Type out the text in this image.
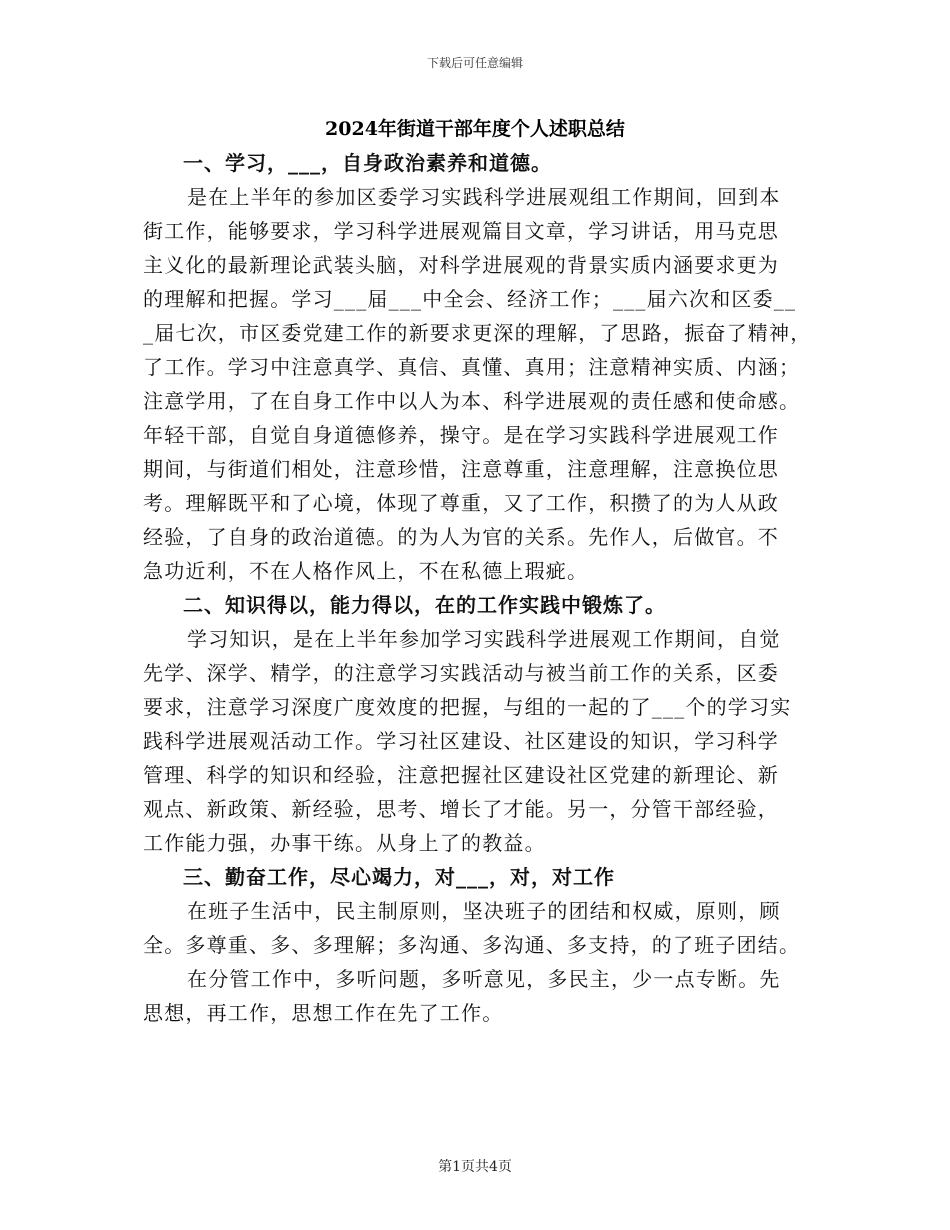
下载后可任意编辑
2024年街道干部年度个人述职总结
一、学习，___，自身政治素养和道德。
是在上半年的参加区委学习实践科学进展观组工作期间，回到本
街工作，能够要求，学习科学进展观篇目文章，学习讲话，用马克思
主义化的最新理论武装头脑，对科学进展观的背景实质内涵要求更为
的理解和把握。学习___届___中全会、经济工作；___届六次和区委__
_届七次，市区委党建工作的新要求更深的理解，了思路，振奋了精神，
了工作。学习中注意真学、真信、真懂、真用；注意精神实质、内涵；
注意学用，了在自身工作中以人为本、科学进展观的责任感和使命感。
年轻干部，自觉自身道德修养，操守。是在学习实践科学进展观工作
期间，与街道们相处，注意珍惜，注意尊重，注意理解，注意换位思
考。理解既平和了心境，体现了尊重，又了工作，积攒了的为人从政
经验，了自身的政治道德。的为人为官的关系。先作人，后做官。不
急功近利，不在人格作风上，不在私德上瑕疵。
二、知识得以，能力得以，在的工作实践中锻炼了。
学习知识，是在上半年参加学习实践科学进展观工作期间，自觉
先学、深学、精学，的注意学习实践活动与被当前工作的关系，区委
要求，注意学习深度广度效度的把握，与组的一起的了___个的学习实
践科学进展观活动工作。学习社区建设、社区建设的知识，学习科学
管理、科学的知识和经验，注意把握社区建设社区党建的新理论、新
观点、新政策、新经验，思考、增长了才能。另一，分管干部经验，
工作能力强，办事干练。从身上了的教益。
三、勤奋工作，尽心竭力，对___，对，对工作
在班子生活中，民主制原则，坚决班子的团结和权威，原则，顾
全。多尊重、多、多理解；多沟通、多沟通、多支持，的了班子团结。
在分管工作中，多听问题，多听意见，多民主，少一点专断。先
思想，再工作，思想工作在先了工作。
第1页共4页
